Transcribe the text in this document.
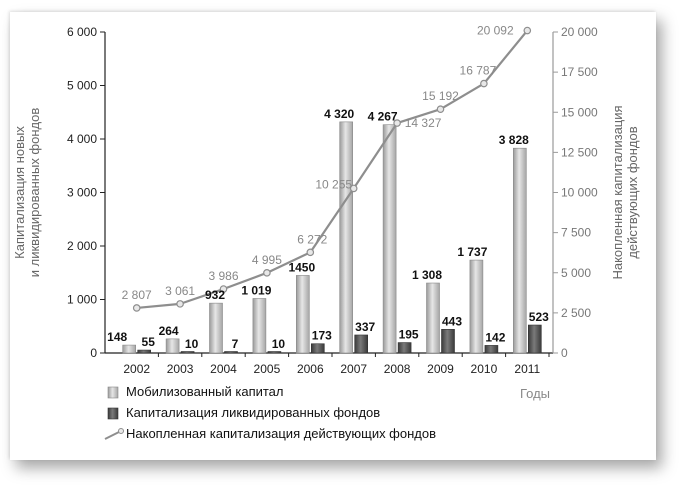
0
1 000
2 000
3 000
4 000
5 000
6 000
0
2 500
5 000
7 500
10 000
12 500
15 000
17 500
20 000
2002 2003 2004 2005 2006 2007 2008 2009 2010 2011
Капитализация новыхи ликвидированных фондов	Накопленная капитализациядействующих фондов
Годы
148	264
932 1 019
1450
4 320 4 267
1 308
1 737
3 828
55	10	7	10
173
337
195
443
142
523
2 807 3 061
3 986
4 995
6 272
10 255
14 327
15 192
16 787
20 092
Мобилизованный капитал
Капитализация ликвидированных фондов
Накопленная капитализация действующих фондов
